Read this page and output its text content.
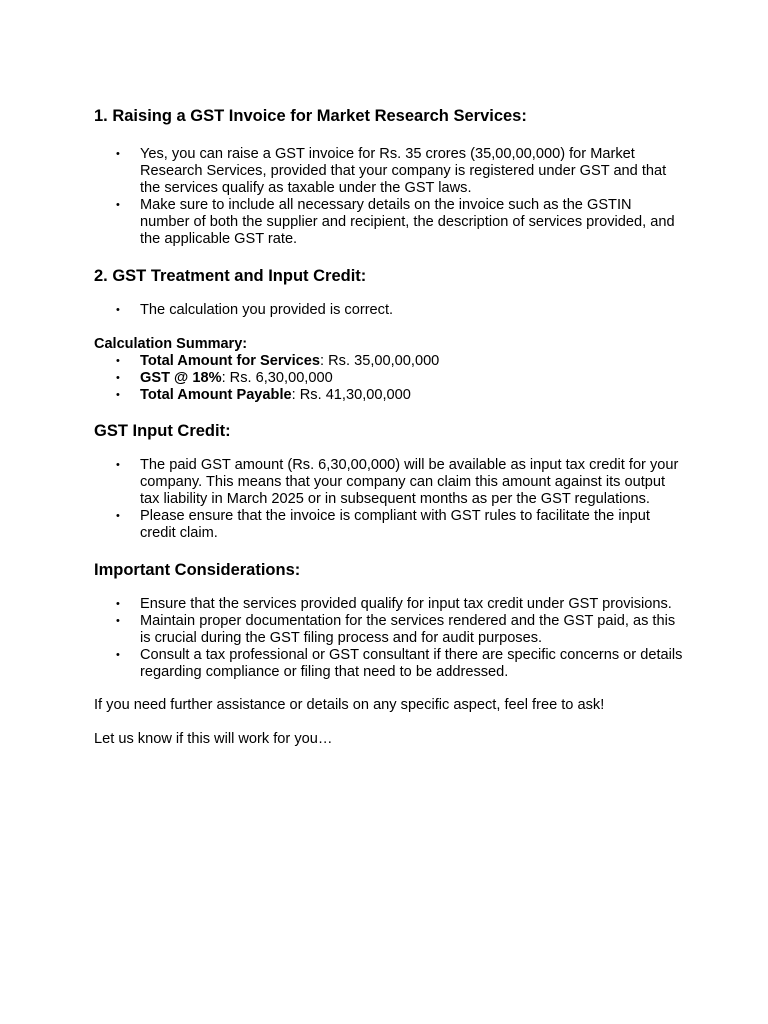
1. Raising a GST Invoice for Market Research Services:
• Yes, you can raise a GST invoice for Rs. 35 crores (35,00,00,000) for Market Research Services, provided that your company is registered under GST and that the services qualify as taxable under the GST laws.
• Make sure to include all necessary details on the invoice such as the GSTIN number of both the supplier and recipient, the description of services provided, and the applicable GST rate.
2. GST Treatment and Input Credit:
• The calculation you provided is correct.
Calculation Summary:
• Total Amount for Services: Rs. 35,00,00,000
• GST @ 18%: Rs. 6,30,00,000
• Total Amount Payable: Rs. 41,30,00,000
GST Input Credit:
• The paid GST amount (Rs. 6,30,00,000) will be available as input tax credit for your company. This means that your company can claim this amount against its output tax liability in March 2025 or in subsequent months as per the GST regulations.
• Please ensure that the invoice is compliant with GST rules to facilitate the input credit claim.
Important Considerations:
• Ensure that the services provided qualify for input tax credit under GST provisions.
• Maintain proper documentation for the services rendered and the GST paid, as this is crucial during the GST filing process and for audit purposes.
• Consult a tax professional or GST consultant if there are specific concerns or details regarding compliance or filing that need to be addressed.

If you need further assistance or details on any specific aspect, feel free to ask!

Let us know if this will work for you…
